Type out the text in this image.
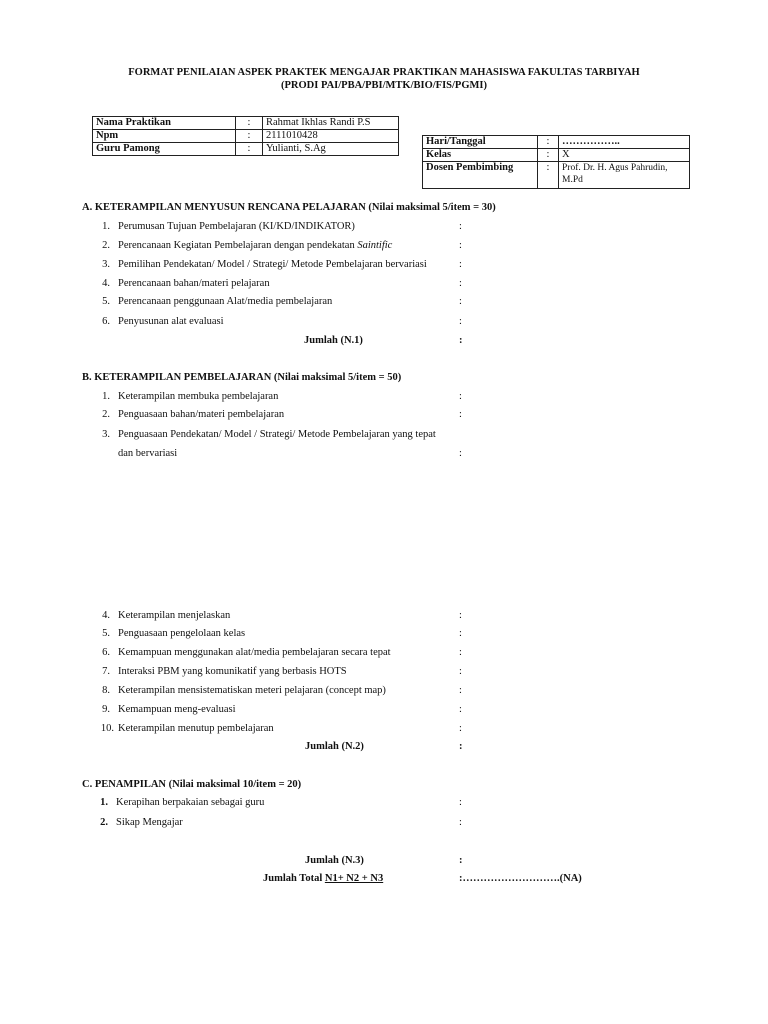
FORMAT PENILAIAN ASPEK PRAKTEK MENGAJAR PRAKTIKAN MAHASISWA FAKULTAS TARBIYAH
(PRODI PAI/PBA/PBI/MTK/BIO/FIS/PGMI)
Nama Praktikan	:	Rahmat Ikhlas Randi P.S
Npm	:	2111010428
Guru Pamong	:	Yulianti, S.Ag
Hari/Tanggal	:	……………..
Kelas	:	X
Dosen Pembimbing	:	Prof. Dr. H. Agus Pahrudin,
M.Pd
A. KETERAMPILAN MENYUSUN RENCANA PELAJARAN (Nilai maksimal 5/item = 30)
1. Perumusan Tujuan Pembelajaran (KI/KD/INDIKATOR)	:
2. Perencanaan Kegiatan Pembelajaran dengan pendekatan Saintific	:
3. Pemilihan Pendekatan/ Model / Strategi/ Metode Pembelajaran bervariasi	:
4. Perencanaan bahan/materi pelajaran	:
5. Perencanaan penggunaan Alat/media pembelajaran	:
6. Penyusunan alat evaluasi	:
Jumlah (N.1)	:
B. KETERAMPILAN PEMBELAJARAN (Nilai maksimal 5/item = 50)
1. Keterampilan membuka pembelajaran	:
2. Penguasaan bahan/materi pembelajaran	:
3. Penguasaan Pendekatan/ Model / Strategi/ Metode Pembelajaran yang tepat
dan bervariasi	:
4. Keterampilan menjelaskan	:
5. Penguasaan pengelolaan kelas	:
6. Kemampuan menggunakan alat/media pembelajaran secara tepat	:
7. Interaksi PBM yang komunikatif yang berbasis HOTS	:
8. Keterampilan mensistematiskan meteri pelajaran (concept map)	:
9. Kemampuan meng-evaluasi	:
10. Keterampilan menutup pembelajaran	:
Jumlah (N.2)	:
C. PENAMPILAN (Nilai maksimal 10/item = 20)
1. Kerapihan berpakaian sebagai guru	:
2. Sikap Mengajar	:
Jumlah (N.3)	:
Jumlah Total N1+ N2 + N3	:……………………….(NA)
